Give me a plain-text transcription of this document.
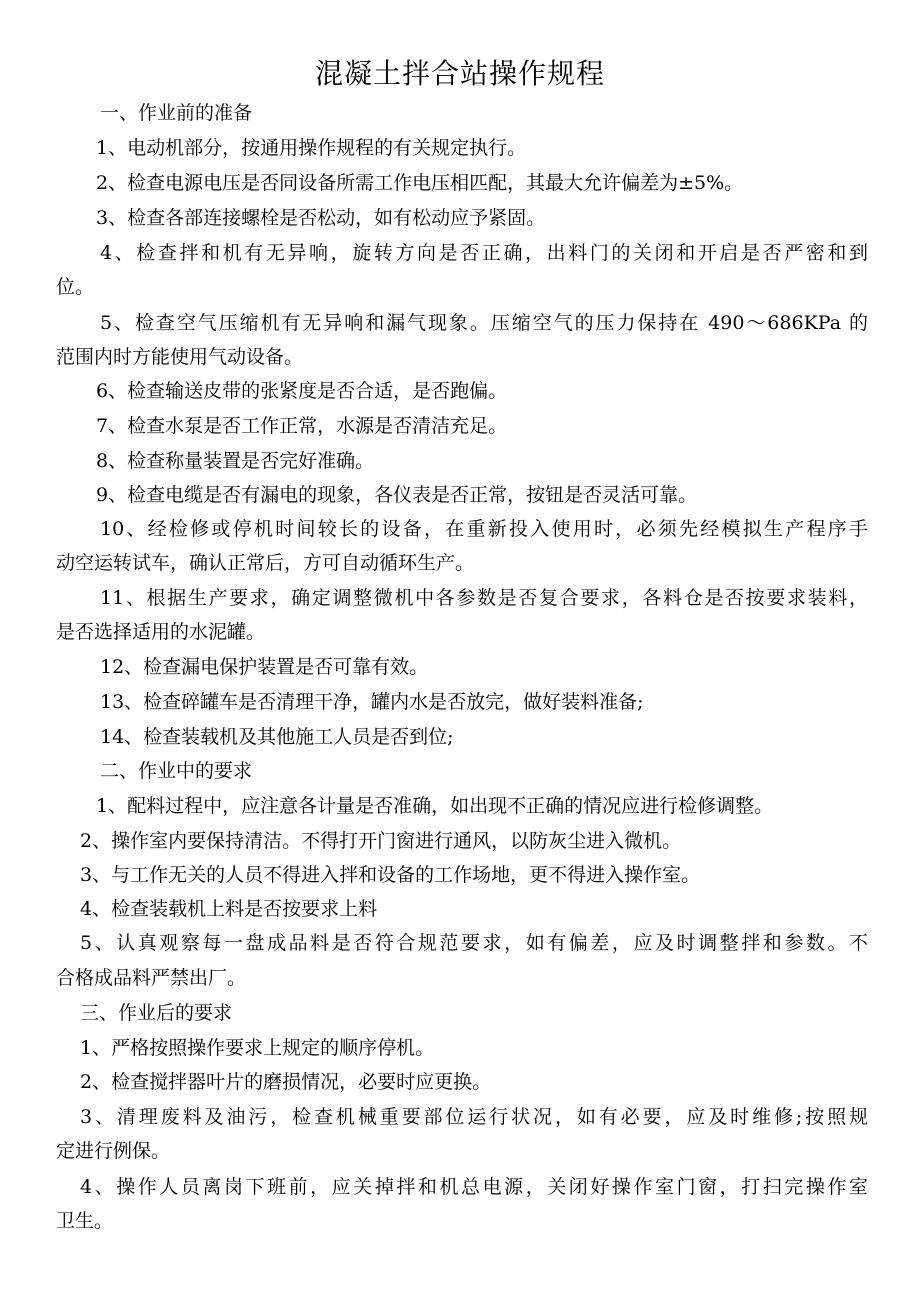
混凝土拌合站操作规程
一、作业前的准备
1、电动机部分，按通用操作规程的有关规定执行。
2、检查电源电压是否同设备所需工作电压相匹配，其最大允许偏差为±5%。
3、检查各部连接螺栓是否松动，如有松动应予紧固。
4、检查拌和机有无异响，旋转方向是否正确，出料门的关闭和开启是否严密和到
位。
5、检查空气压缩机有无异响和漏气现象。压缩空气的压力保持在 490～686KPa 的
范围内时方能使用气动设备。
6、检查输送皮带的张紧度是否合适，是否跑偏。
7、检查水泵是否工作正常，水源是否清洁充足。
8、检查称量装置是否完好准确。
9、检查电缆是否有漏电的现象，各仪表是否正常，按钮是否灵活可靠。
10、经检修或停机时间较长的设备，在重新投入使用时，必须先经模拟生产程序手
动空运转试车，确认正常后，方可自动循环生产。
11、根据生产要求，确定调整微机中各参数是否复合要求，各料仓是否按要求装料，
是否选择适用的水泥罐。
12、检查漏电保护装置是否可靠有效。
13、检查碎罐车是否清理干净，罐内水是否放完，做好装料准备;
14、检查装载机及其他施工人员是否到位;
二、作业中的要求
1、配料过程中，应注意各计量是否准确，如出现不正确的情况应进行检修调整。
2、操作室内要保持清洁。不得打开门窗进行通风，以防灰尘进入微机。
3、与工作无关的人员不得进入拌和设备的工作场地，更不得进入操作室。
4、检查装载机上料是否按要求上料
5、认真观察每一盘成品料是否符合规范要求，如有偏差，应及时调整拌和参数。不
合格成品料严禁出厂。
三、作业后的要求
1、严格按照操作要求上规定的顺序停机。
2、检查搅拌器叶片的磨损情况，必要时应更换。
3、清理废料及油污，检查机械重要部位运行状况，如有必要，应及时维修;按照规
定进行例保。
4、操作人员离岗下班前，应关掉拌和机总电源，关闭好操作室门窗，打扫完操作室
卫生。
